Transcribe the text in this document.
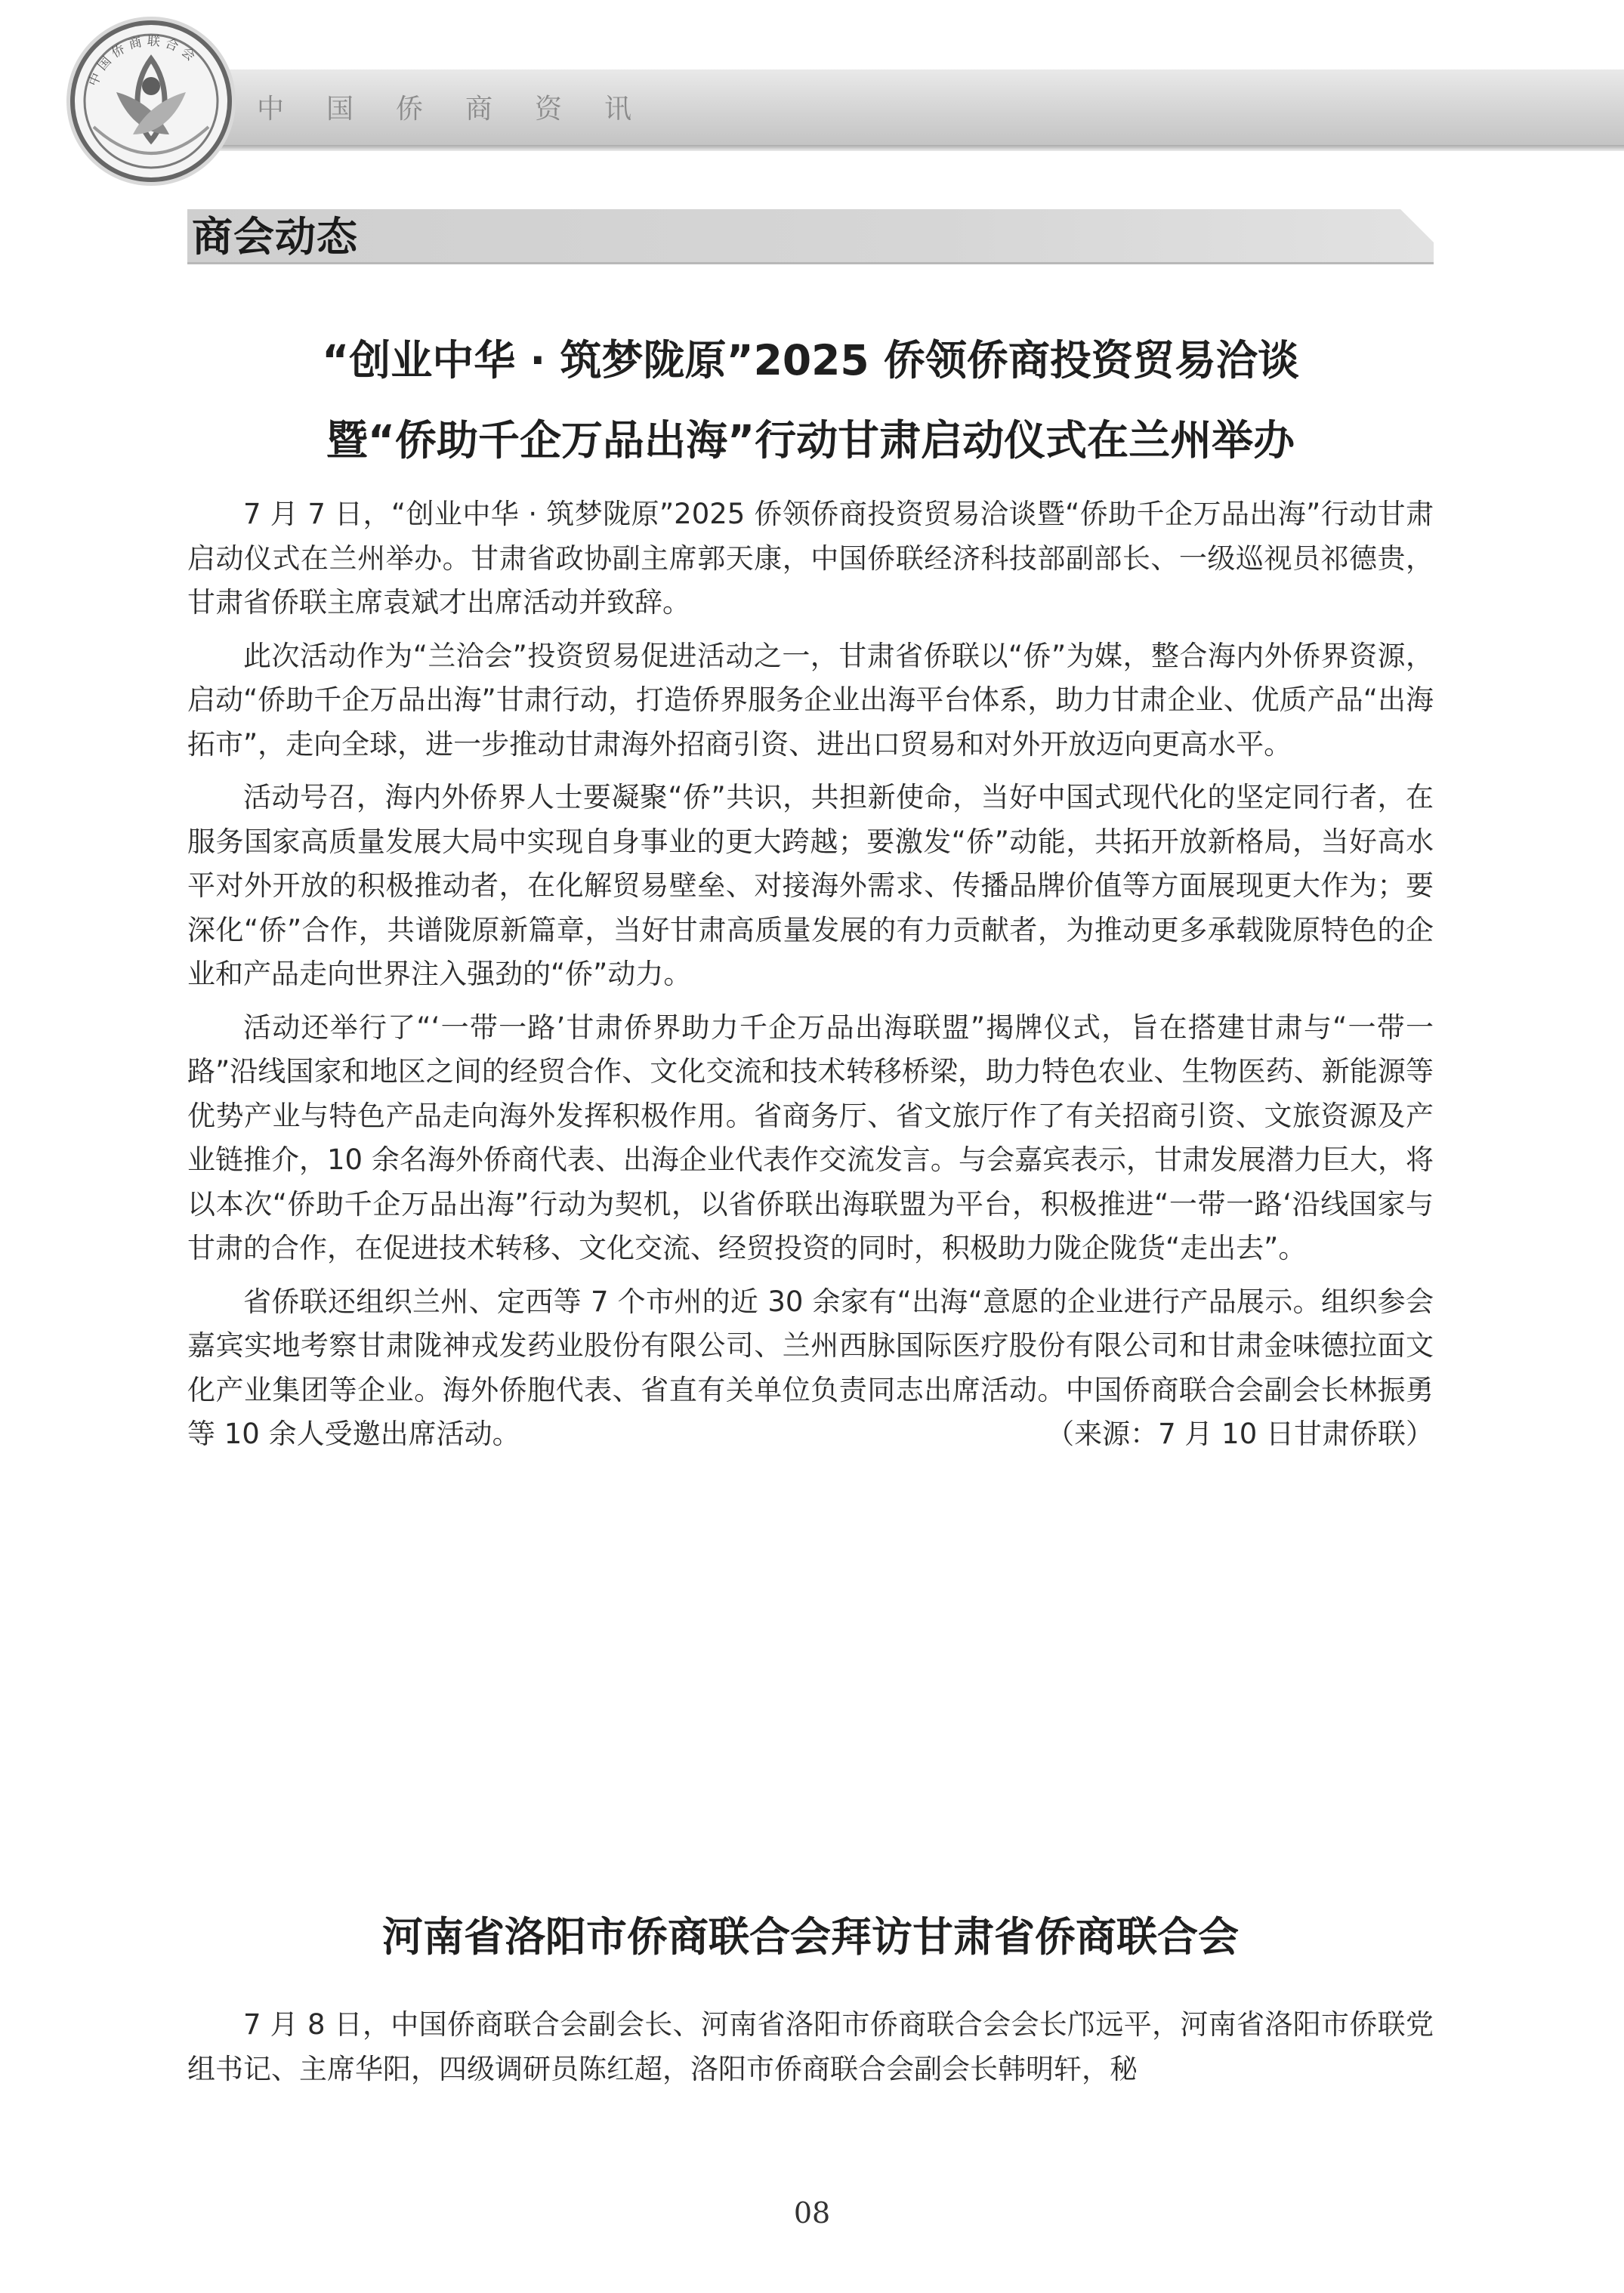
中国侨商资讯
中国侨商联合会
商会动态
“创业中华 · 筑梦陇原”2025 侨领侨商投资贸易洽谈
暨“侨助千企万品出海”行动甘肃启动仪式在兰州举办

7 月 7 日，“创业中华 · 筑梦陇原”2025 侨领侨商投资贸易洽谈暨“侨助千企万品出海”行动甘肃启动仪式在兰州举办。甘肃省政协副主席郭天康，中国侨联经济科技部副部长、一级巡视员祁德贵，甘肃省侨联主席袁斌才出席活动并致辞。

此次活动作为“兰洽会”投资贸易促进活动之一，甘肃省侨联以“侨”为媒，整合海内外侨界资源，启动“侨助千企万品出海”甘肃行动，打造侨界服务企业出海平台体系，助力甘肃企业、优质产品“出海拓市”，走向全球，进一步推动甘肃海外招商引资、进出口贸易和对外开放迈向更高水平。

活动号召，海内外侨界人士要凝聚“侨”共识，共担新使命，当好中国式现代化的坚定同行者，在服务国家高质量发展大局中实现自身事业的更大跨越；要激发“侨”动能，共拓开放新格局，当好高水平对外开放的积极推动者，在化解贸易壁垒、对接海外需求、传播品牌价值等方面展现更大作为；要深化“侨”合作，共谱陇原新篇章，当好甘肃高质量发展的有力贡献者，为推动更多承载陇原特色的企业和产品走向世界注入强劲的“侨”动力。

活动还举行了“‘一带一路’甘肃侨界助力千企万品出海联盟”揭牌仪式，旨在搭建甘肃与“一带一路”沿线国家和地区之间的经贸合作、文化交流和技术转移桥梁，助力特色农业、生物医药、新能源等优势产业与特色产品走向海外发挥积极作用。省商务厅、省文旅厅作了有关招商引资、文旅资源及产业链推介，10 余名海外侨商代表、出海企业代表作交流发言。与会嘉宾表示，甘肃发展潜力巨大，将以本次“侨助千企万品出海”行动为契机，以省侨联出海联盟为平台，积极推进“一带一路‘沿线国家与甘肃的合作，在促进技术转移、文化交流、经贸投资的同时，积极助力陇企陇货“走出去”。

省侨联还组织兰州、定西等 7 个市州的近 30 余家有“出海“意愿的企业进行产品展示。组织参会嘉宾实地考察甘肃陇神戎发药业股份有限公司、兰州西脉国际医疗股份有限公司和甘肃金味德拉面文化产业集团等企业。海外侨胞代表、省直有关单位负责同志出席活动。中国侨商联合会副会长林振勇等 10 余人受邀出席活动。	（来源：7 月 10 日甘肃侨联）

河南省洛阳市侨商联合会拜访甘肃省侨商联合会

7 月 8 日，中国侨商联合会副会长、河南省洛阳市侨商联合会会长邝远平，河南省洛阳市侨联党组书记、主席华阳，四级调研员陈红超，洛阳市侨商联合会副会长韩明轩，秘

08
